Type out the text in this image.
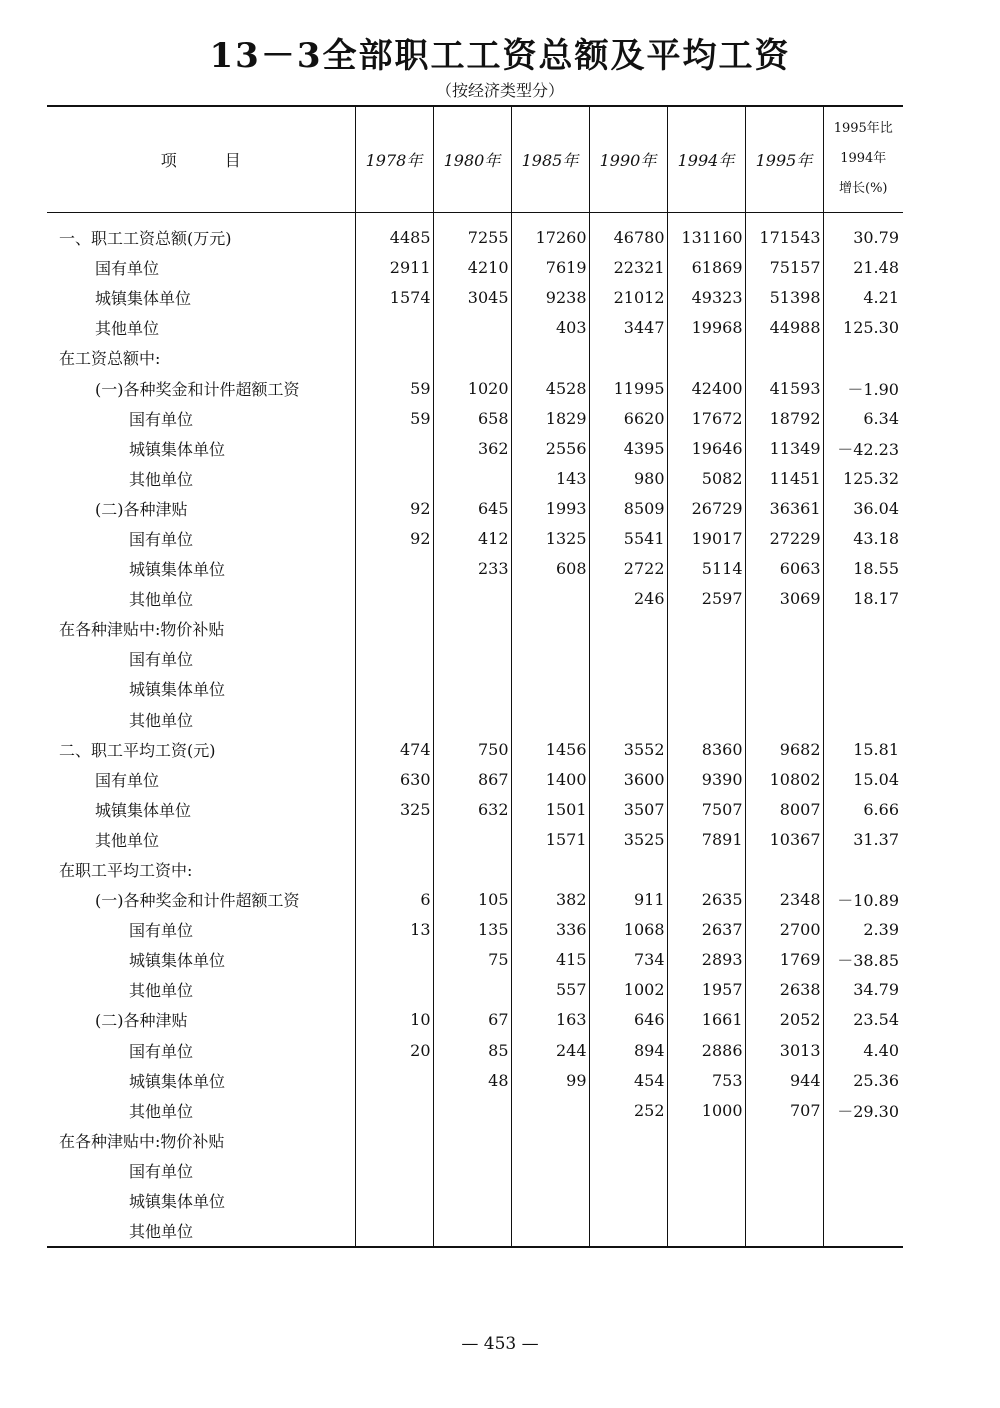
13－3全部职工工资总额及平均工资
（按经济类型分）
项　　　目	1978年	1980年	1985年	1990年	1994年	1995年	1995年比
1994年
增长(%)

一、职工工资总额(万元)	4485	7255	17260	46780	131160	171543	30.79
国有单位	2911	4210	7619	22321	61869	75157	21.48
城镇集体单位	1574	3045	9238	21012	49323	51398	4.21
其他单位			403	3447	19968	44988	125.30
在工资总额中:							
(一)各种奖金和计件超额工资	59	1020	4528	11995	42400	41593	－1.90
国有单位	59	658	1829	6620	17672	18792	6.34
城镇集体单位		362	2556	4395	19646	11349	－42.23
其他单位			143	980	5082	11451	125.32
(二)各种津贴	92	645	1993	8509	26729	36361	36.04
国有单位	92	412	1325	5541	19017	27229	43.18
城镇集体单位		233	608	2722	5114	6063	18.55
其他单位				246	2597	3069	18.17
在各种津贴中:物价补贴							
国有单位							
城镇集体单位							
其他单位							
二、职工平均工资(元)	474	750	1456	3552	8360	9682	15.81
国有单位	630	867	1400	3600	9390	10802	15.04
城镇集体单位	325	632	1501	3507	7507	8007	6.66
其他单位			1571	3525	7891	10367	31.37
在职工平均工资中:							
(一)各种奖金和计件超额工资	6	105	382	911	2635	2348	－10.89
国有单位	13	135	336	1068	2637	2700	2.39
城镇集体单位		75	415	734	2893	1769	－38.85
其他单位			557	1002	1957	2638	34.79
(二)各种津贴	10	67	163	646	1661	2052	23.54
国有单位	20	85	244	894	2886	3013	4.40
城镇集体单位		48	99	454	753	944	25.36
其他单位				252	1000	707	－29.30
在各种津贴中:物价补贴							
国有单位							
城镇集体单位							
其他单位							
— 453 —
